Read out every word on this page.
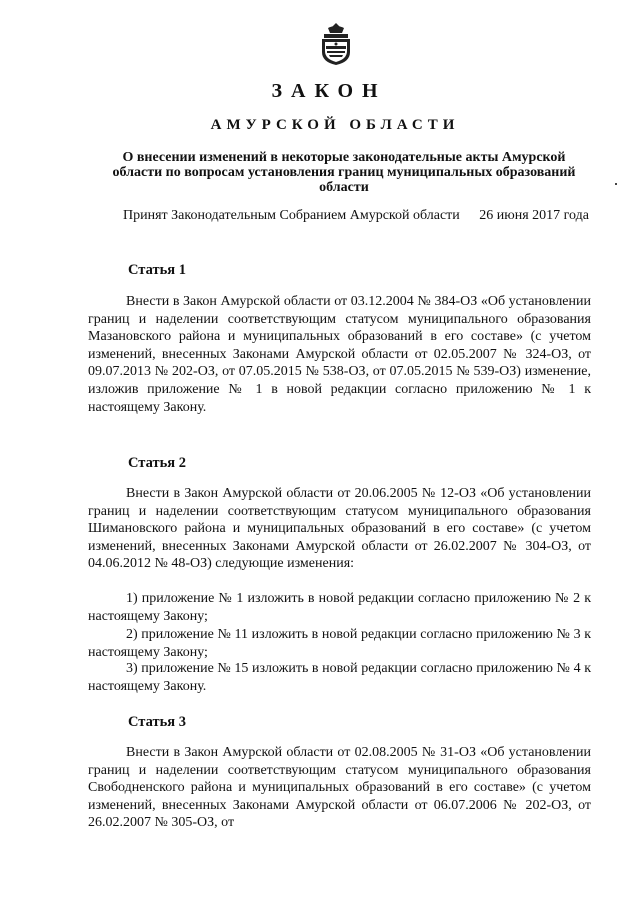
ЗАКОН
АМУРСКОЙ ОБЛАСТИ
О внесении изменений в некоторые законодательные акты Амурской области по вопросам установления границ муниципальных образований области
Принят Законодательным Собранием Амурской области 26 июня 2017 года
Статья 1
Внести в Закон Амурской области от 03.12.2004 № 384-ОЗ «Об установлении границ и наделении соответствующим статусом муниципального образования Мазановского района и муниципальных образований в его составе» (с учетом изменений, внесенных Законами Амурской области от 02.05.2007 № 324-ОЗ, от 09.07.2013 № 202-ОЗ, от 07.05.2015 № 538-ОЗ, от 07.05.2015 № 539-ОЗ) изменение, изложив приложение № 1 в новой редакции согласно приложению № 1 к настоящему Закону.
Статья 2
Внести в Закон Амурской области от 20.06.2005 № 12-ОЗ «Об установлении границ и наделении соответствующим статусом муниципального образования Шимановского района и муниципальных образований в его составе» (с учетом изменений, внесенных Законами Амурской области от 26.02.2007 № 304-ОЗ, от 04.06.2012 № 48-ОЗ) следующие изменения:
1) приложение № 1 изложить в новой редакции согласно приложению № 2 к настоящему Закону;
2) приложение № 11 изложить в новой редакции согласно приложению № 3 к настоящему Закону;
3) приложение № 15 изложить в новой редакции согласно приложению № 4 к настоящему Закону.
Статья 3
Внести в Закон Амурской области от 02.08.2005 № 31-ОЗ «Об установлении границ и наделении соответствующим статусом муниципального образования Свободненского района и муниципальных образований в его составе» (с учетом изменений, внесенных Законами Амурской области от 06.07.2006 № 202-ОЗ, от 26.02.2007 № 305-ОЗ, от
